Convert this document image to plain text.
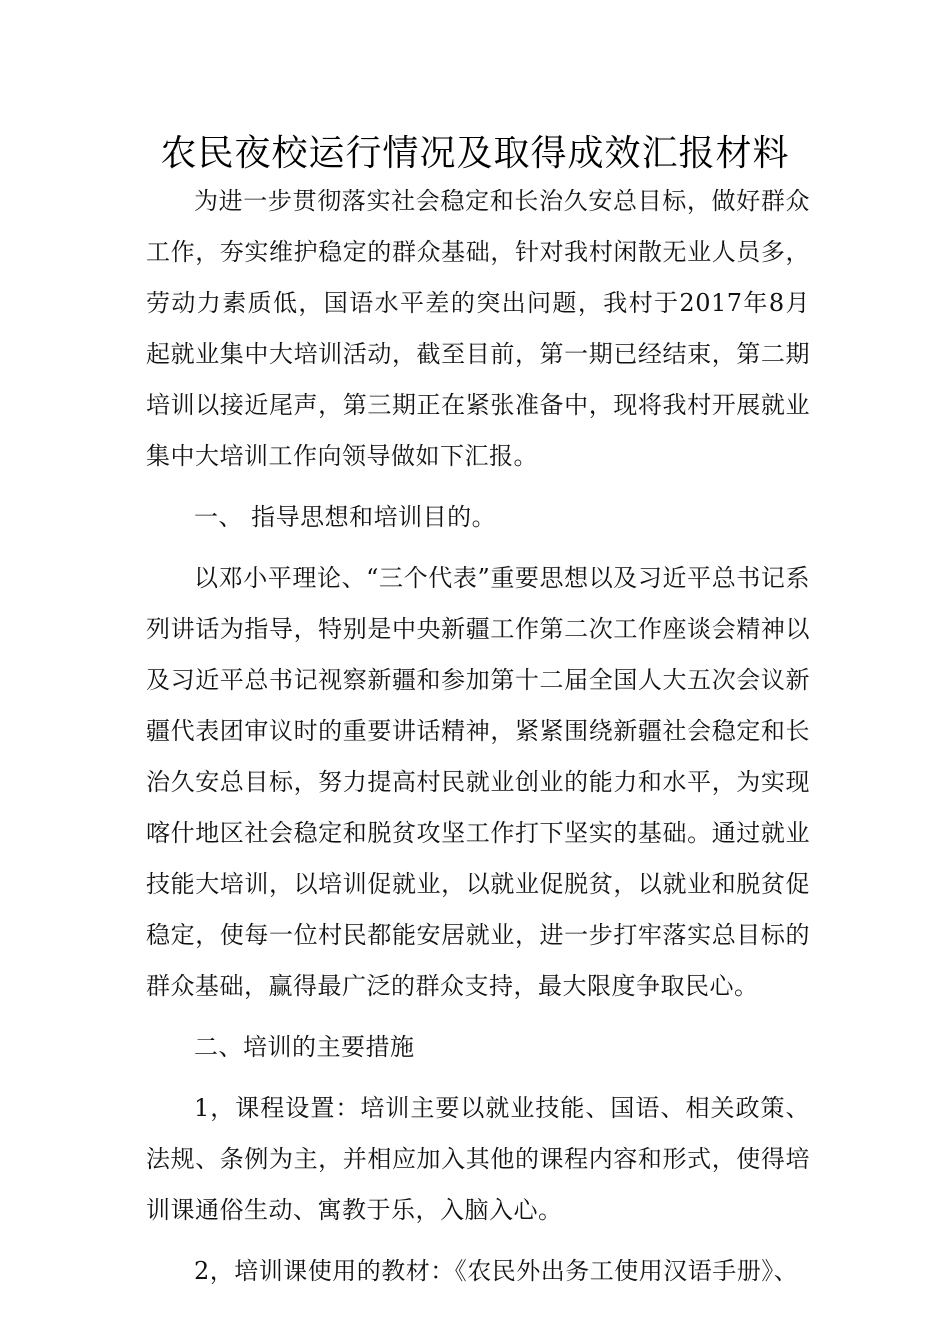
农民夜校运行情况及取得成效汇报材料

为进一步贯彻落实社会稳定和长治久安总目标，做好群众工作，夯实维护稳定的群众基础，针对我村闲散无业人员多，劳动力素质低，国语水平差的突出问题，我村于2017年8月起就业集中大培训活动，截至目前，第一期已经结束，第二期培训以接近尾声，第三期正在紧张准备中，现将我村开展就业集中大培训工作向领导做如下汇报。

一、 指导思想和培训目的。

以邓小平理论、“三个代表”重要思想以及习近平总书记系列讲话为指导，特别是中央新疆工作第二次工作座谈会精神以及习近平总书记视察新疆和参加第十二届全国人大五次会议新疆代表团审议时的重要讲话精神，紧紧围绕新疆社会稳定和长治久安总目标，努力提高村民就业创业的能力和水平，为实现喀什地区社会稳定和脱贫攻坚工作打下坚实的基础。通过就业技能大培训，以培训促就业，以就业促脱贫，以就业和脱贫促稳定，使每一位村民都能安居就业，进一步打牢落实总目标的群众基础，赢得最广泛的群众支持，最大限度争取民心。

二、培训的主要措施

1，课程设置：培训主要以就业技能、国语、相关政策、法规、条例为主，并相应加入其他的课程内容和形式，使得培训课通俗生动、寓教于乐，入脑入心。

2，培训课使用的教材：《农民外出务工使用汉语手册》、
